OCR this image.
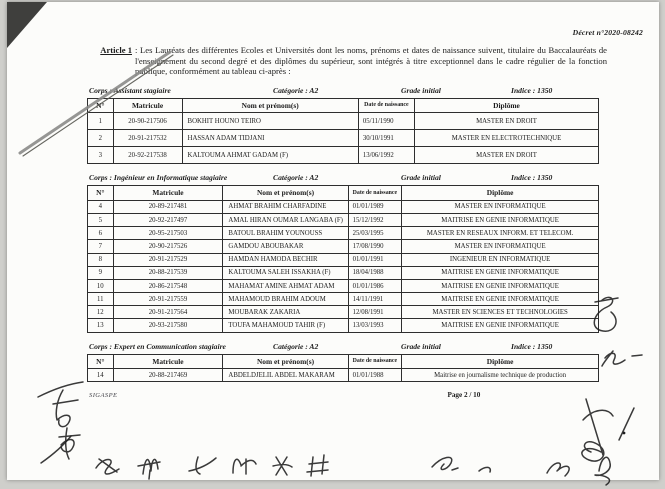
Décret n°2020-08242
Article 1 : Les Lauréats des différentes Ecoles et Universités dont les noms, prénoms et dates de naissance suivent, titulaire du Baccalauréats de l'enseignement du second degré et des diplômes du supérieur, sont intégrés à titre exceptionnel dans le cadre régulier de la fonction publique, conformément au tableau ci-après :
Corps : Assistant stagiaire	Catégorie : A2	Grade initial	Indice : 1350
N°	Matricule	Nom et prénom(s)	Date de naissance	Diplôme
1	20-90-217506	BOKHIT HOUNO TEIRO	05/11/1990	MASTER EN DROIT
2	20-91-217532	HASSAN ADAM TIDJANI	30/10/1991	MASTER EN ELECTROTECHNIQUE
3	20-92-217538	KALTOUMA AHMAT GADAM (F)	13/06/1992	MASTER EN DROIT
Corps : Ingénieur en Informatique stagiaire	Catégorie : A2	Grade initial	Indice : 1350
N°	Matricule	Nom et prénom(s)	Date de naissance	Diplôme
4	20-89-217481	AHMAT BRAHIM CHARFADINE	01/01/1989	MASTER EN INFORMATIQUE
5	20-92-217497	AMAL HIRAN OUMAR LANGABA (F)	15/12/1992	MAITRISE EN GENIE INFORMATIQUE
6	20-95-217503	BATOUL BRAHIM YOUNOUSS	25/03/1995	MASTER EN RESEAUX INFORM. ET TELECOM.
7	20-90-217526	GAMDOU ABOUBAKAR	17/08/1990	MASTER EN INFORMATIQUE
8	20-91-217529	HAMDAN HAMODA BECHIR	01/01/1991	INGENIEUR EN INFORMATIQUE
9	20-88-217539	KALTOUMA SALEH ISSAKHA (F)	18/04/1988	MAITRISE EN GENIE INFORMATIQUE
10	20-86-217548	MAHAMAT AMINE AHMAT ADAM	01/01/1986	MAITRISE EN GENIE INFORMATIQUE
11	20-91-217559	MAHAMOUD BRAHIM ADOUM	14/11/1991	MAITRISE EN GENIE INFORMATIQUE
12	20-91-217564	MOUBARAK ZAKARIA	12/08/1991	MASTER EN SCIENCES ET TECHNOLOGIES
13	20-93-217580	TOUFA MAHAMOUD TAHIR (F)	13/03/1993	MAITRISE EN GENIE INFORMATIQUE
Corps : Expert en Communication stagiaire	Catégorie : A2	Grade initial	Indice : 1350
N°	Matricule	Nom et prénom(s)	Date de naissance	Diplôme
14	20-88-217469	ABDELDJELIL ABDEL MAKARAM	01/01/1988	Maitrise en journalisme technique de production
SIGASPE	Page 2 / 10
